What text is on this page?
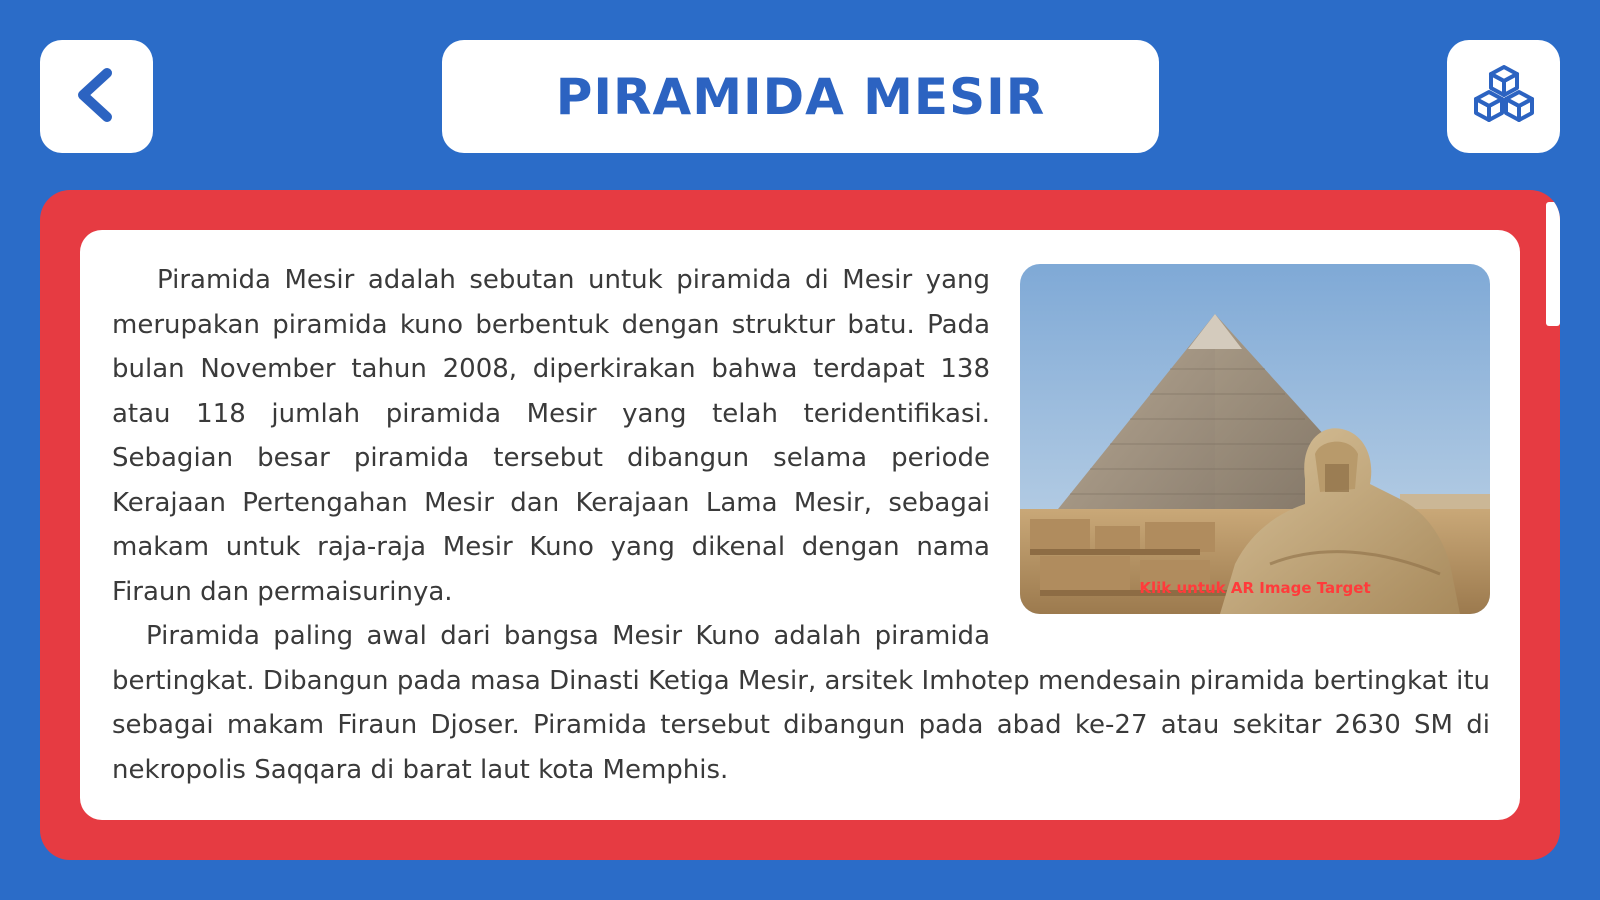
PIRAMIDA MESIR
Klik untuk AR Image Target

Piramida Mesir adalah sebutan untuk piramida di Mesir yang merupakan piramida kuno berbentuk dengan struktur batu. Pada bulan November tahun 2008, diperkirakan bahwa terdapat 138 atau 118 jumlah piramida Mesir yang telah teridentifikasi. Sebagian besar piramida tersebut dibangun selama periode Kerajaan Pertengahan Mesir dan Kerajaan Lama Mesir, sebagai makam untuk raja-raja Mesir Kuno yang dikenal dengan nama Firaun dan permaisurinya.

Piramida paling awal dari bangsa Mesir Kuno adalah piramida bertingkat. Dibangun pada masa Dinasti Ketiga Mesir, arsitek Imhotep mendesain piramida bertingkat itu sebagai makam Firaun Djoser. Piramida tersebut dibangun pada abad ke-27 atau sekitar 2630 SM di nekropolis Saqqara di barat laut kota Memphis.
